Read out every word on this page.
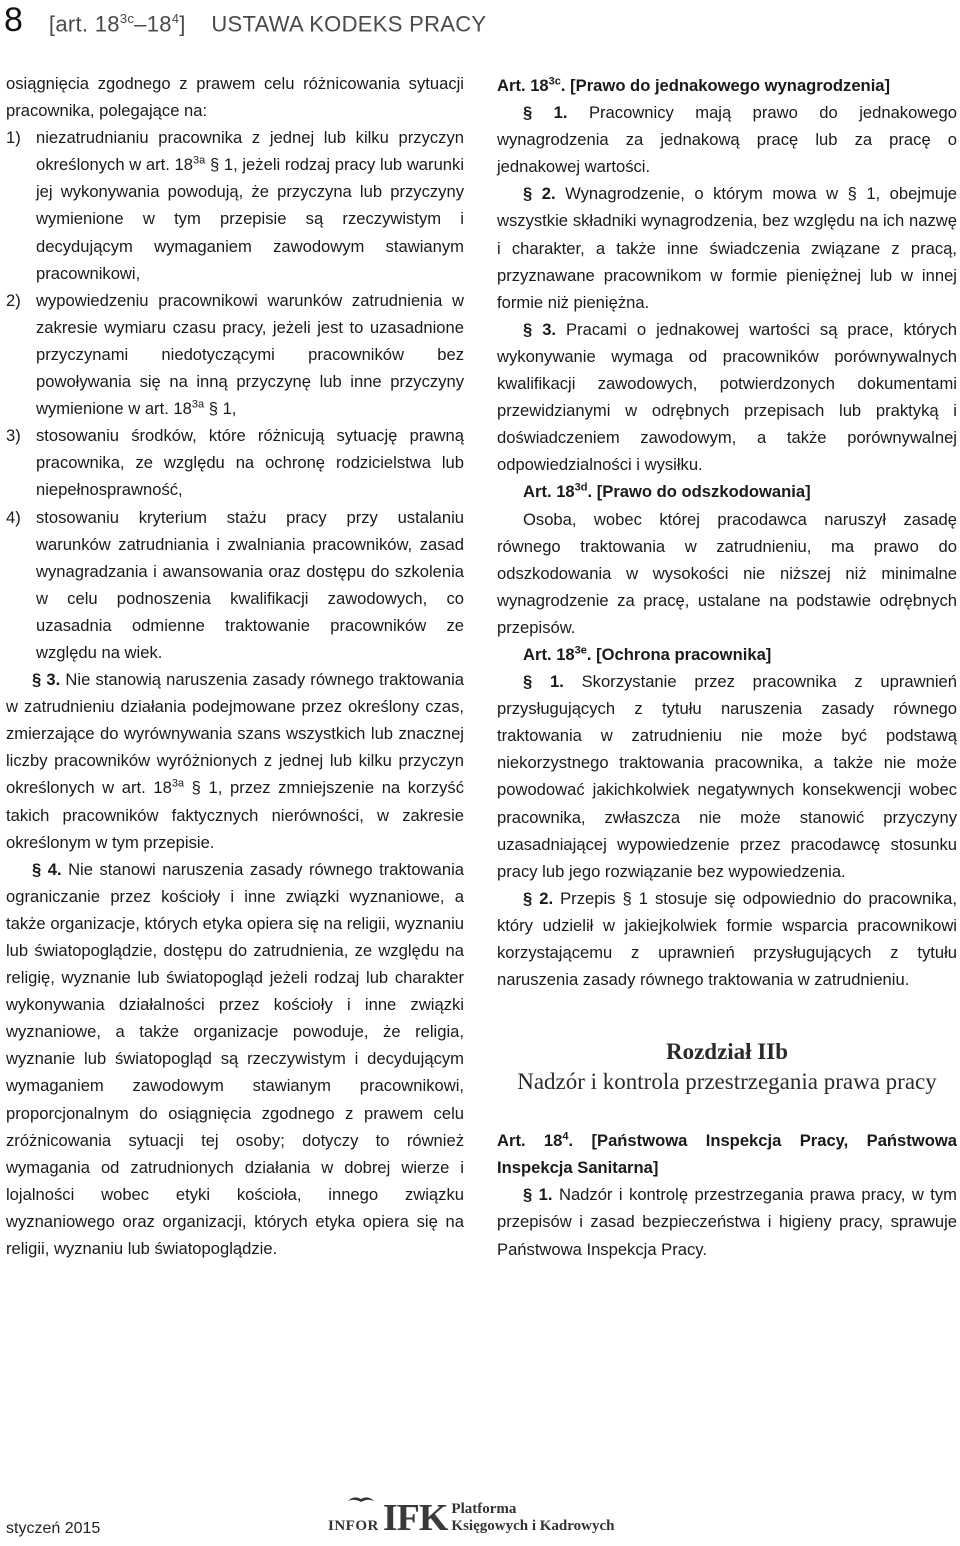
8 [art. $18^{3c}-18^4$]    USTAWA KODEKS PRACY

osiągnięcia zgodnego z prawem celu różnicowania sytuacji pracownika, polegające na:

1) niezatrudnianiu pracownika z jednej lub kilku przyczyn określonych w art. $18^{3a}$ § 1, jeżeli rodzaj pracy lub warunki jej wykonywania powodują, że przyczyna lub przyczyny wymienione w tym przepisie są rzeczywistym i decydującym wymaganiem zawodowym stawianym pracownikowi,
2) wypowiedzeniu pracownikowi warunków zatrudnienia w zakresie wymiaru czasu pracy, jeżeli jest to uzasadnione przyczynami niedotyczącymi pracowników bez powoływania się na inną przyczynę lub inne przyczyny wymienione w art. $18^{3a}$ § 1,
3) stosowaniu środków, które różnicują sytuację prawną pracownika, ze względu na ochronę rodzicielstwa lub niepełnosprawność,
4) stosowaniu kryterium stażu pracy przy ustalaniu warunków zatrudniania i zwalniania pracowników, zasad wynagradzania i awansowania oraz dostępu do szkolenia w celu podnoszenia kwalifikacji zawodowych, co uzasadnia odmienne traktowanie pracowników ze względu na wiek.

§ 3. Nie stanowią naruszenia zasady równego traktowania w zatrudnieniu działania podejmowane przez określony czas, zmierzające do wyrównywania szans wszystkich lub znacznej liczby pracowników wyróżnionych z jednej lub kilku przyczyn określonych w art. $18^{3a}$ § 1, przez zmniejszenie na korzyść takich pracowników faktycznych nierówności, w zakresie określonym w tym przepisie.

§ 4. Nie stanowi naruszenia zasady równego traktowania ograniczanie przez kościoły i inne związki wyznaniowe, a także organizacje, których etyka opiera się na religii, wyznaniu lub światopoglądzie, dostępu do zatrudnienia, ze względu na religię, wyznanie lub światopogląd jeżeli rodzaj lub charakter wykonywania działalności przez kościoły i inne związki wyznaniowe, a także organizacje powoduje, że religia, wyznanie lub światopogląd są rzeczywistym i decydującym wymaganiem zawodowym stawianym pracownikowi, proporcjonalnym do osiągnięcia zgodnego z prawem celu zróżnicowania sytuacji tej osoby; dotyczy to również wymagania od zatrudnionych działania w dobrej wierze i lojalności wobec etyki kościoła, innego związku wyznaniowego oraz organizacji, których etyka opiera się na religii, wyznaniu lub światopoglądzie.

Art. $18^{3c}$. [Prawo do jednakowego wynagrodzenia]

§ 1. Pracownicy mają prawo do jednakowego wynagrodzenia za jednakową pracę lub za pracę o jednakowej wartości.

§ 2. Wynagrodzenie, o którym mowa w § 1, obejmuje wszystkie składniki wynagrodzenia, bez względu na ich nazwę i charakter, a także inne świadczenia związane z pracą, przyznawane pracownikom w formie pieniężnej lub w innej formie niż pieniężna.

§ 3. Pracami o jednakowej wartości są prace, których wykonywanie wymaga od pracowników porównywalnych kwalifikacji zawodowych, potwierdzonych dokumentami przewidzianymi w odrębnych przepisach lub praktyką i doświadczeniem zawodowym, a także porównywalnej odpowiedzialności i wysiłku.

Art. $18^{3d}$. [Prawo do odszkodowania]

Osoba, wobec której pracodawca naruszył zasadę równego traktowania w zatrudnieniu, ma prawo do odszkodowania w wysokości nie niższej niż minimalne wynagrodzenie za pracę, ustalane na podstawie odrębnych przepisów.

Art. $18^{3e}$. [Ochrona pracownika]

§ 1. Skorzystanie przez pracownika z uprawnień przysługujących z tytułu naruszenia zasady równego traktowania w zatrudnieniu nie może być podstawą niekorzystnego traktowania pracownika, a także nie może powodować jakichkolwiek negatywnych konsekwencji wobec pracownika, zwłaszcza nie może stanowić przyczyny uzasadniającej wypowiedzenie przez pracodawcę stosunku pracy lub jego rozwiązanie bez wypowiedzenia.

§ 2. Przepis § 1 stosuje się odpowiednio do pracownika, który udzielił w jakiejkolwiek formie wsparcia pracownikowi korzystającemu z uprawnień przysługujących z tytułu naruszenia zasady równego traktowania w zatrudnieniu.

Rozdział IIb
Nadzór i kontrola przestrzegania prawa pracy

Art. $18^4$. [Państwowa Inspekcja Pracy, Państwowa Inspekcja Sanitarna]

§ 1. Nadzór i kontrolę przestrzegania prawa pracy, w tym przepisów i zasad bezpieczeństwa i higieny pracy, sprawuje Państwowa Inspekcja Pracy.

styczeń 2015	INFOR IFK Platforma
Księgowych i Kadrowych
